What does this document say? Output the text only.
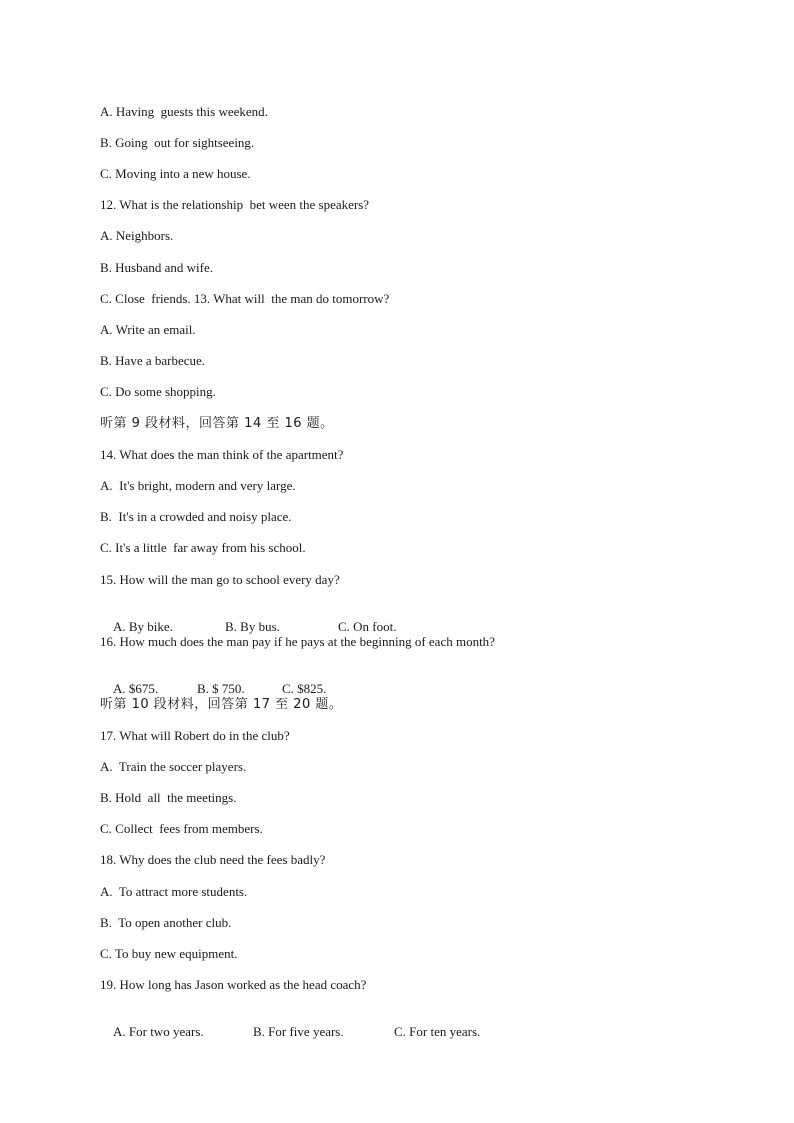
A. Having  guests this weekend.
B. Going  out for sightseeing.
C. Moving into a new house.
12. What is the relationship  bet ween the speakers?
A. Neighbors.
B. Husband and wife.
C. Close  friends. 13. What will  the man do tomorrow?
A. Write an email.
B. Have a barbecue.
C. Do some shopping.
听第 9 段材料，回答第 14 至 16 题。
14. What does the man think of the apartment?
A.  It's bright, modern and very large.
B.  It's in a crowded and noisy place.
C. It's a little  far away from his school.
15. How will the man go to school every day?

A. By bike.	B. By bus.	C. On foot.

16. How much does the man pay if he pays at the beginning of each month?

A. $675.	B. $ 750.	C. $825.

听第 10 段材料，回答第 17 至 20 题。
17. What will Robert do in the club?
A.  Train the soccer players.
B. Hold  all  the meetings.
C. Collect  fees from members.
18. Why does the club need the fees badly?
A.  To attract more students.
B.  To open another club.
C. To buy new equipment.
19. How long has Jason worked as the head coach?

A. For two years.	B. For five years.	C. For ten years.
